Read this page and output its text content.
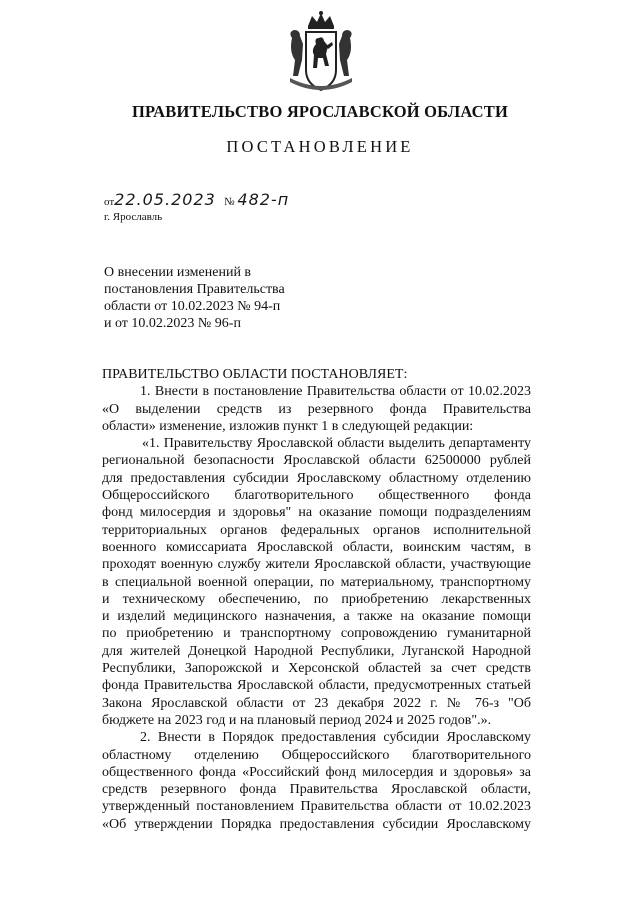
ПРАВИТЕЛЬСТВО ЯРОСЛАВСКОЙ ОБЛАСТИ
ПОСТАНОВЛЕНИЕ
от22.05.2023 № 482-п
г. Ярославль
О внесении изменений в
постановления Правительства
области от 10.02.2023 № 94-п
и от 10.02.2023 № 96-п
ПРАВИТЕЛЬСТВО ОБЛАСТИ ПОСТАНОВЛЯЕТ:
1. Внести в постановление Правительства области от 10.02.2023
«О выделении средств из резервного фонда Правительства
области» изменение, изложив пункт 1 в следующей редакции:
«1. Правительству Ярославской области выделить департаменту
региональной безопасности Ярославской области 62500000 рублей
для предоставления субсидии Ярославскому областному отделению
Общероссийского благотворительного общественного фонда
фонд милосердия и здоровья" на оказание помощи подразделениям
территориальных органов федеральных органов исполнительной
военного комиссариата Ярославской области, воинским частям, в
проходят военную службу жители Ярославской области, участвующие
в специальной военной операции, по материальному, транспортному
и техническому обеспечению, по приобретению лекарственных
и изделий медицинского назначения, а также на оказание помощи
по приобретению и транспортному сопровождению гуманитарной
для жителей Донецкой Народной Республики, Луганской Народной
Республики, Запорожской и Херсонской областей за счет средств
фонда Правительства Ярославской области, предусмотренных статьей
Закона Ярославской области от 23 декабря 2022 г. № 76-з "Об
бюджете на 2023 год и на плановый период 2024 и 2025 годов".».
2. Внести в Порядок предоставления субсидии Ярославскому
областному отделению Общероссийского благотворительного
общественного фонда «Российский фонд милосердия и здоровья» за
средств резервного фонда Правительства Ярославской области,
утвержденный постановлением Правительства области от 10.02.2023
«Об утверждении Порядка предоставления субсидии Ярославскому
